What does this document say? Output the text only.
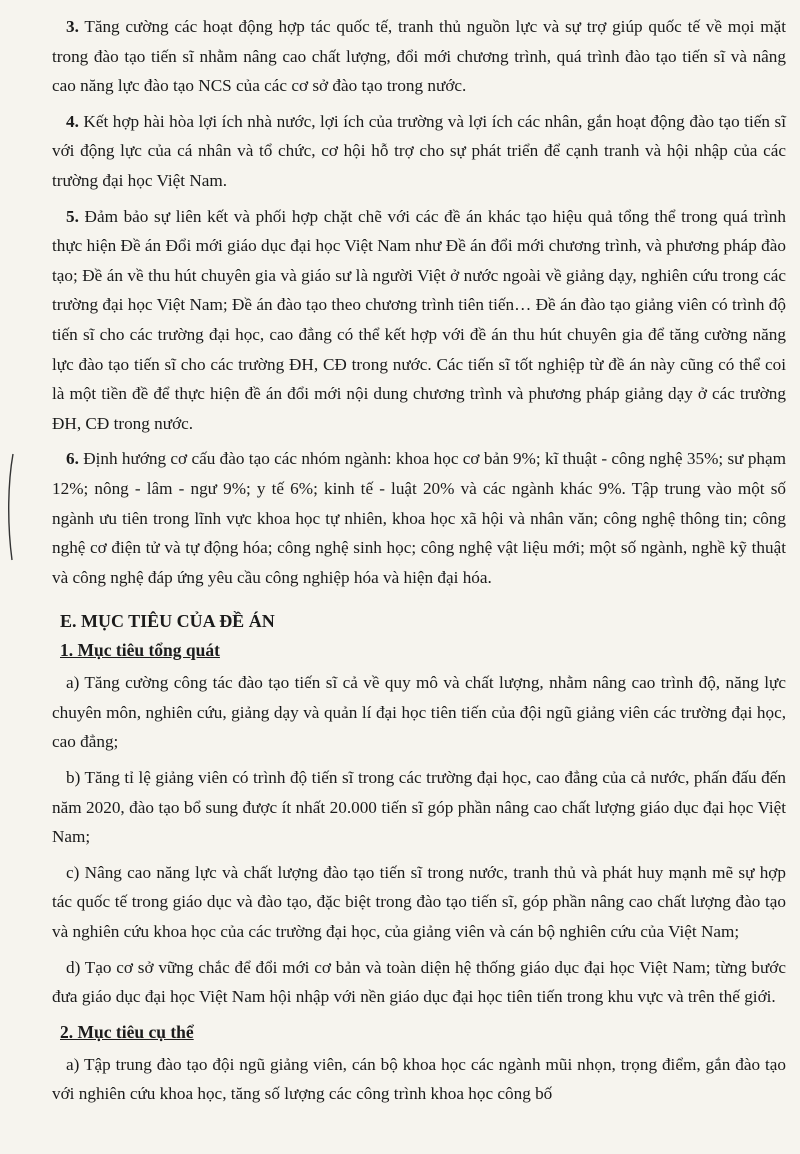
3. Tăng cường các hoạt động hợp tác quốc tế, tranh thủ nguồn lực và sự trợ giúp quốc tế về mọi mặt trong đào tạo tiến sĩ nhằm nâng cao chất lượng, đổi mới chương trình, quá trình đào tạo tiến sĩ và nâng cao năng lực đào tạo NCS của các cơ sở đào tạo trong nước.

4. Kết hợp hài hòa lợi ích nhà nước, lợi ích của trường và lợi ích các nhân, gắn hoạt động đào tạo tiến sĩ với động lực của cá nhân và tổ chức, cơ hội hỗ trợ cho sự phát triển để cạnh tranh và hội nhập của các trường đại học Việt Nam.

5. Đảm bảo sự liên kết và phối hợp chặt chẽ với các đề án khác tạo hiệu quả tổng thể trong quá trình thực hiện Đề án Đổi mới giáo dục đại học Việt Nam như Đề án đổi mới chương trình, và phương pháp đào tạo; Đề án về thu hút chuyên gia và giáo sư là người Việt ở nước ngoài về giảng dạy, nghiên cứu trong các trường đại học Việt Nam; Đề án đào tạo theo chương trình tiên tiến… Đề án đào tạo giảng viên có trình độ tiến sĩ cho các trường đại học, cao đẳng có thể kết hợp với đề án thu hút chuyên gia để tăng cường năng lực đào tạo tiến sĩ cho các trường ĐH, CĐ trong nước. Các tiến sĩ tốt nghiệp từ đề án này cũng có thể coi là một tiền đề để thực hiện đề án đổi mới nội dung chương trình và phương pháp giảng dạy ở các trường ĐH, CĐ trong nước.

6. Định hướng cơ cấu đào tạo các nhóm ngành: khoa học cơ bản 9%; kĩ thuật - công nghệ 35%; sư phạm 12%; nông - lâm - ngư 9%; y tế 6%; kinh tế - luật 20% và các ngành khác 9%. Tập trung vào một số ngành ưu tiên trong lĩnh vực khoa học tự nhiên, khoa học xã hội và nhân văn; công nghệ thông tin; công nghệ cơ điện tử và tự động hóa; công nghệ sinh học; công nghệ vật liệu mới; một số ngành, nghề kỹ thuật và công nghệ đáp ứng yêu cầu công nghiệp hóa và hiện đại hóa.

E. MỤC TIÊU CỦA ĐỀ ÁN
1. Mục tiêu tổng quát

a) Tăng cường công tác đào tạo tiến sĩ cả về quy mô và chất lượng, nhằm nâng cao trình độ, năng lực chuyên môn, nghiên cứu, giảng dạy và quản lí đại học tiên tiến của đội ngũ giảng viên các trường đại học, cao đẳng;

b) Tăng tỉ lệ giảng viên có trình độ tiến sĩ trong các trường đại học, cao đẳng của cả nước, phấn đấu đến năm 2020, đào tạo bổ sung được ít nhất 20.000 tiến sĩ góp phần nâng cao chất lượng giáo dục đại học Việt Nam;

c) Nâng cao năng lực và chất lượng đào tạo tiến sĩ trong nước, tranh thủ và phát huy mạnh mẽ sự hợp tác quốc tế trong giáo dục và đào tạo, đặc biệt trong đào tạo tiến sĩ, góp phần nâng cao chất lượng đào tạo và nghiên cứu khoa học của các trường đại học, của giảng viên và cán bộ nghiên cứu của Việt Nam;

d) Tạo cơ sở vững chắc để đổi mới cơ bản và toàn diện hệ thống giáo dục đại học Việt Nam; từng bước đưa giáo dục đại học Việt Nam hội nhập với nền giáo dục đại học tiên tiến trong khu vực và trên thế giới.

2. Mục tiêu cụ thể

a) Tập trung đào tạo đội ngũ giảng viên, cán bộ khoa học các ngành mũi nhọn, trọng điểm, gắn đào tạo với nghiên cứu khoa học, tăng số lượng các công trình khoa học công bố
